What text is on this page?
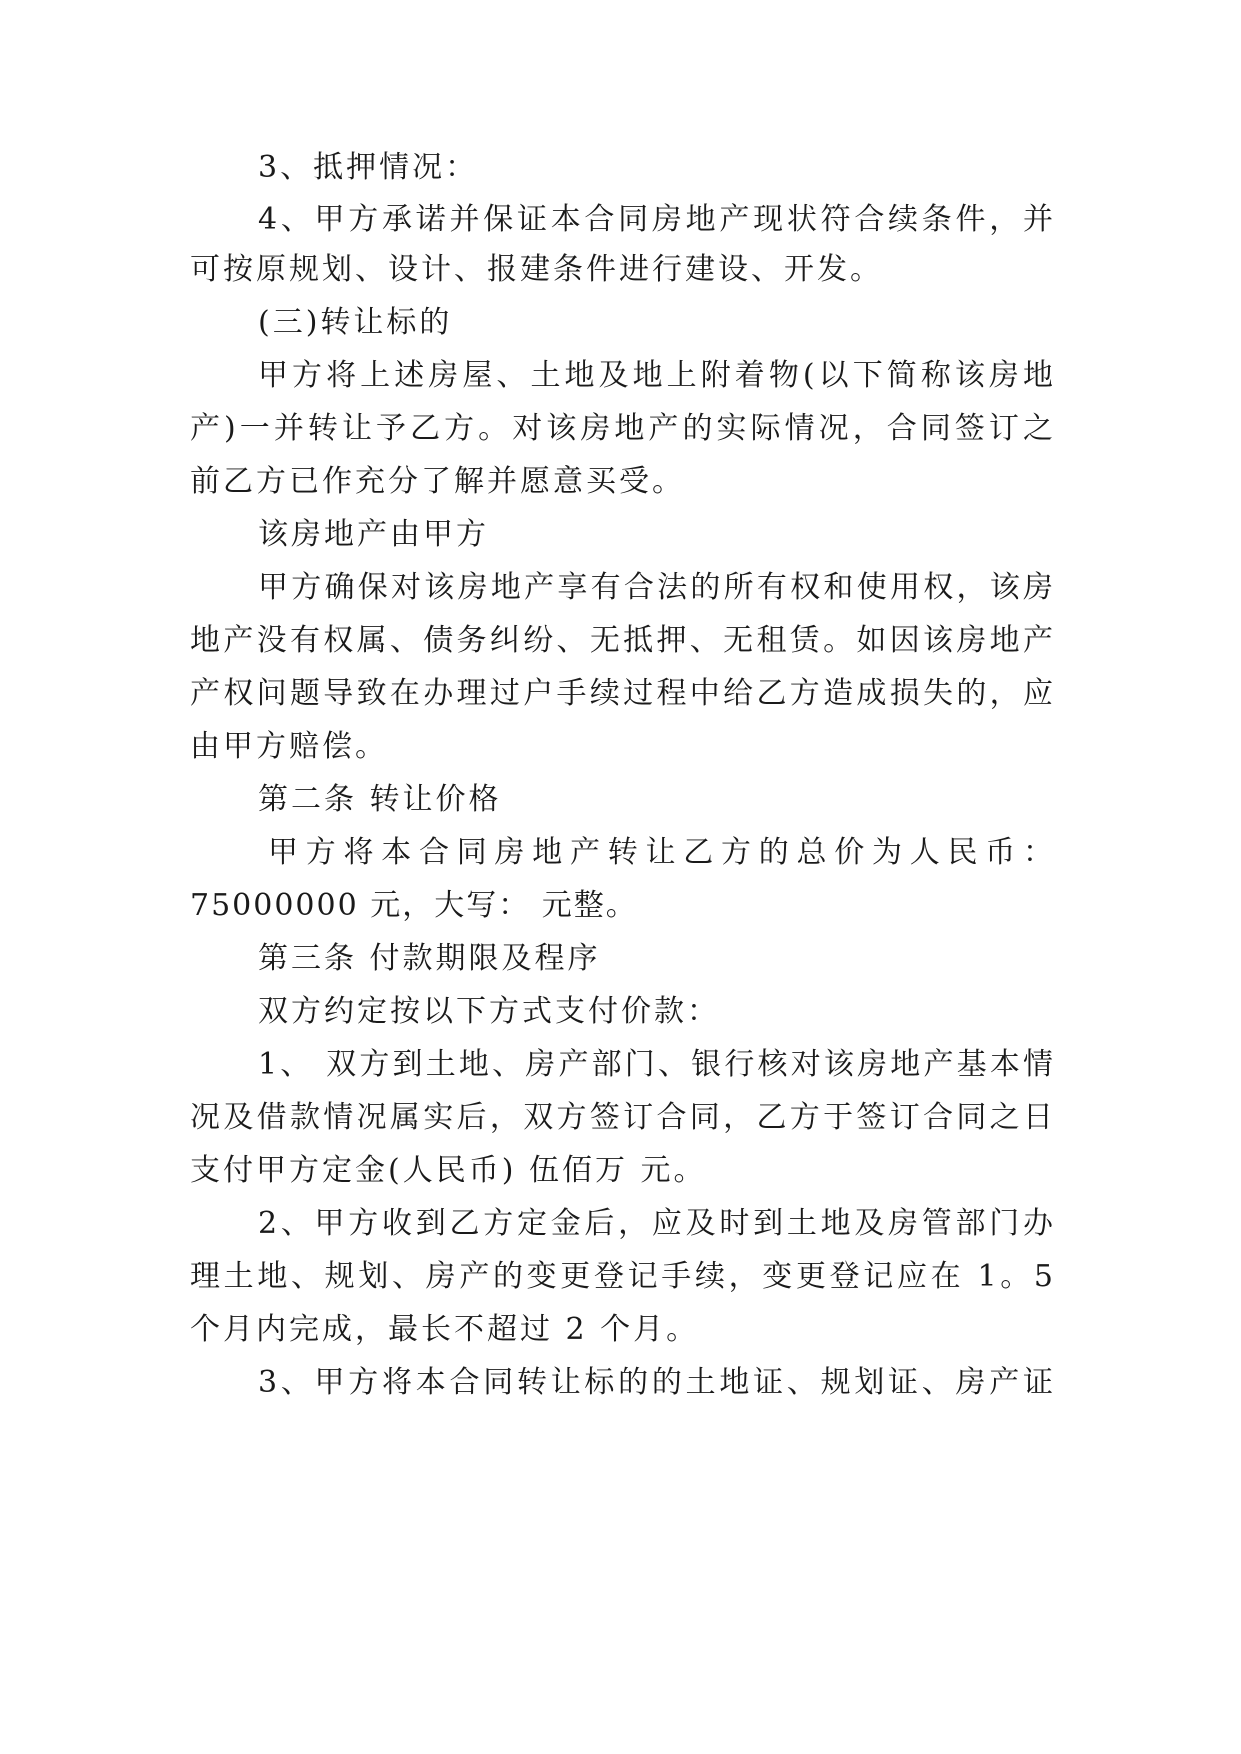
3、抵押情况：
4、甲方承诺并保证本合同房地产现状符合续条件，并
可按原规划、设计、报建条件进行建设、开发。
(三)转让标的
甲方将上述房屋、土地及地上附着物(以下简称该房地
产)一并转让予乙方。对该房地产的实际情况，合同签订之
前乙方已作充分了解并愿意买受。
该房地产由甲方
甲方确保对该房地产享有合法的所有权和使用权，该房
地产没有权属、债务纠纷、无抵押、无租赁。如因该房地产
产权问题导致在办理过户手续过程中给乙方造成损失的，应
由甲方赔偿。
第二条 转让价格
甲方将本合同房地产转让乙方的总价为人民币：
75000000 元，大写： 元整。
第三条 付款期限及程序
双方约定按以下方式支付价款：
1、 双方到土地、房产部门、银行核对该房地产基本情
况及借款情况属实后，双方签订合同，乙方于签订合同之日
支付甲方定金(人民币) 伍佰万 元。
2、甲方收到乙方定金后，应及时到土地及房管部门办
理土地、规划、房产的变更登记手续，变更登记应在 1。5
个月内完成，最长不超过 2 个月。
3、甲方将本合同转让标的的土地证、规划证、房产证
